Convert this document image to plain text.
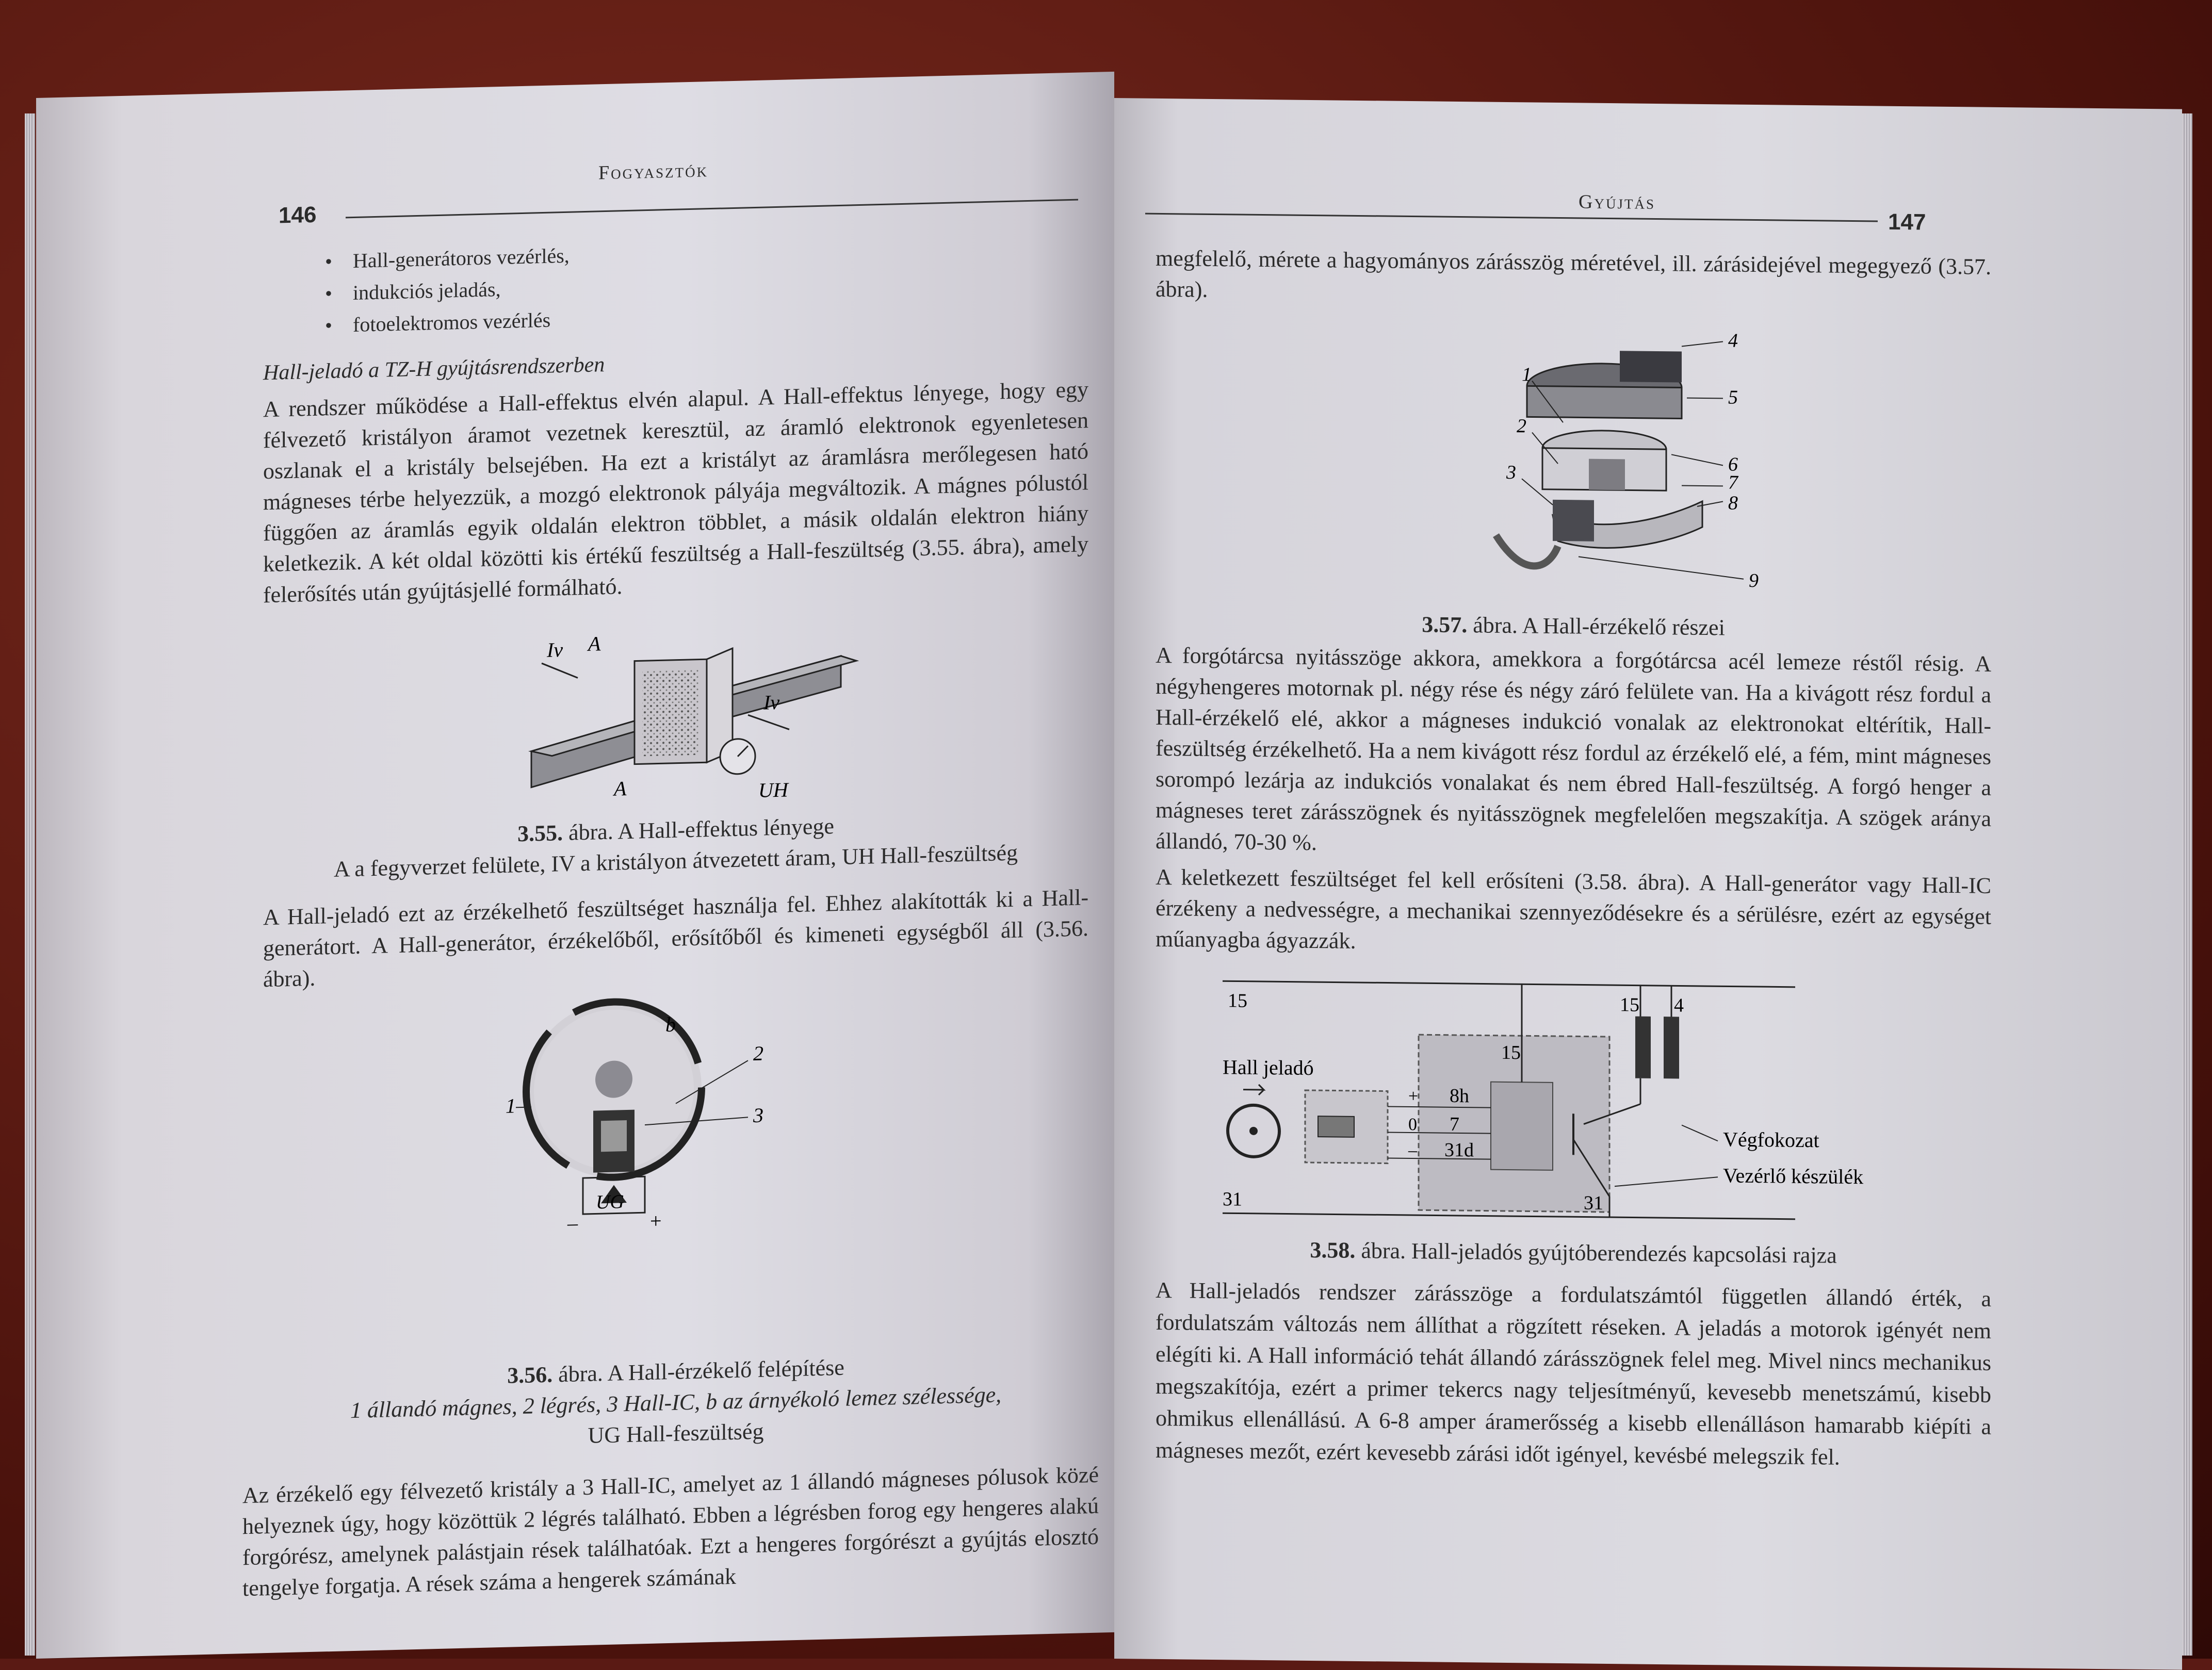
Fogyasztók
146
• Hall-generátoros vezérlés,
• indukciós jeladás,
• fotoelektromos vezérlés
Hall-jeladó a TZ-H gyújtásrendszerben

A rendszer működése a Hall-effektus elvén alapul. A Hall-effektus lényege, hogy egy félvezető kristályon áramot vezetnek keresztül, az áramló elektronok egyenletesen oszlanak el a kristály belsejében. Ha ezt a kristályt az áramlásra merőlegesen ható mágneses térbe helyezzük, a mozgó elektronok pályája megváltozik. A mágnes pólustól függően az áramlás egyik oldalán elektron többlet, a másik oldalán elektron hiány keletkezik. A két oldal közötti kis értékű feszültség a Hall-feszültség (3.55. ábra), amely felerősítés után gyújtásjellé formálható.

Iv A
Iv
A	UH
3.55. ábra. A Hall-effektus lényege
A a fegyverzet felülete, IV a kristályon átvezetett áram, UH Hall-feszültség

A Hall-jeladó ezt az érzékelhető feszültséget használja fel. Ehhez alakították ki a Hall-generátort. A Hall-generátor, érzékelőből, erősítőből és kimeneti egységből áll (3.56. ábra).

b
1
2
3
UG
–	+
3.56. ábra. A Hall-érzékelő felépítése
1 állandó mágnes, 2 légrés, 3 Hall-IC, b az árnyékoló lemez szélessége,
UG Hall-feszültség

Az érzékelő egy félvezető kristály a 3 Hall-IC, amelyet az 1 állandó mágneses pólusok közé helyeznek úgy, hogy közöttük 2 légrés található. Ebben a légrésben forog egy hengeres alakú forgórész, amelynek palástjain rések találhatóak. Ezt a hengeres forgórészt a gyújtás elosztó tengelye forgatja. A rések száma a hengerek számának

Gyújtás
147

megfelelő, mérete a hagyományos zárásszög méretével, ill. zárásidejével megegyező (3.57. ábra).

1
2
3
4
5
6
7
8
9
3.57. ábra. A Hall-érzékelő részei

A forgótárcsa nyitásszöge akkora, amekkora a forgótárcsa acél lemeze réstől résig. A négyhengeres motornak pl. négy rése és négy záró felülete van. Ha a kivágott rész fordul a Hall-érzékelő elé, akkor a mágneses indukció vonalak az elektronokat eltérítik, Hall-feszültség érzékelhető. Ha a nem kivágott rész fordul az érzékelő elé, a fém, mint mágneses sorompó lezárja az indukciós vonalakat és nem ébred Hall-feszültség. A forgó henger a mágneses teret zárásszögnek és nyitásszögnek megfelelően megszakítja. A szögek aránya állandó, 70-30 %.

A keletkezett feszültséget fel kell erősíteni (3.58. ábra). A Hall-generátor vagy Hall-IC érzékeny a nedvességre, a mechanikai szennyeződésekre és a sérülésre, ezért az egységet műanyagba ágyazzák.

15
15
15 4
Hall jeladó
+
0
–
8h
7
31d	Végfokozat
Vezérlő készülék
31	31
3.58. ábra. Hall-jeladós gyújtóberendezés kapcsolási rajza

A Hall-jeladós rendszer zárásszöge a fordulatszámtól független állandó érték, a fordulatszám változás nem állíthat a rögzített réseken. A jeladás a motorok igényét nem elégíti ki. A Hall információ tehát állandó zárásszögnek felel meg. Mivel nincs mechanikus megszakítója, ezért a primer tekercs nagy teljesítményű, kevesebb menetszámú, kisebb ohmikus ellenállású. A 6-8 amper áramerősség a kisebb ellenálláson hamarabb kiépíti a mágneses mezőt, ezért kevesebb zárási időt igényel, kevésbé melegszik fel.
